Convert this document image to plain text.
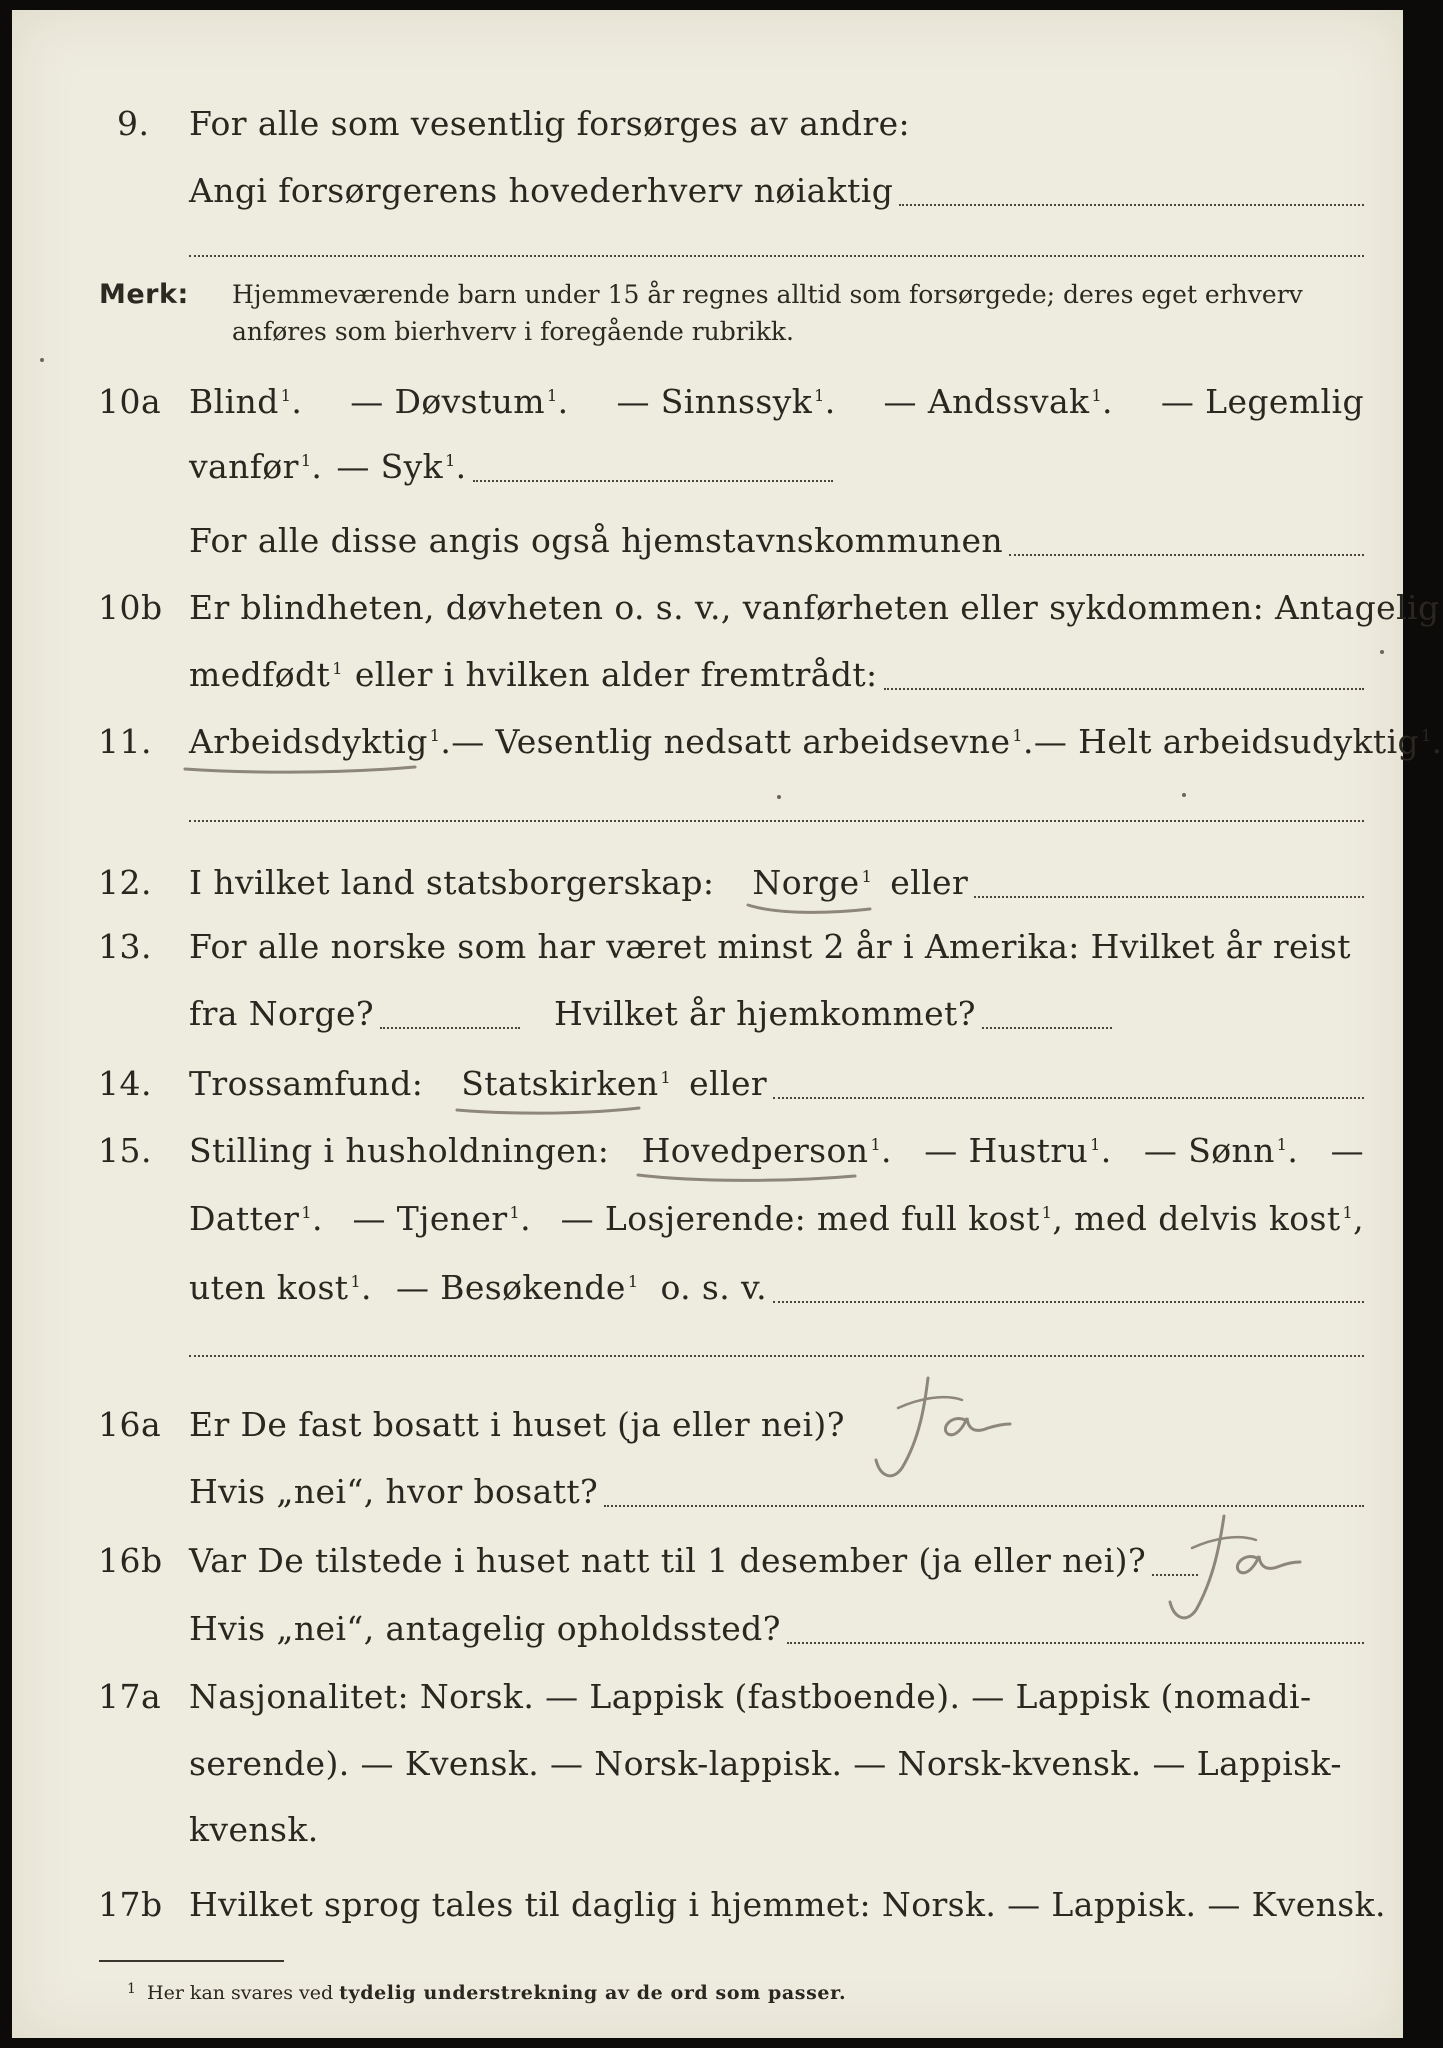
9. For alle som vesentlig forsørges av andre:
Angi forsørgerens hovederhverv nøiaktig
Merk: Hjemmeværende barn under 15 år regnes alltid som forsørgede; deres eget erhverv
anføres som bierhverv i foregående rubrikk.
10a Blind $^1$. — Døvstum $^1$. — Sinnssyk $^1$. — Andssvak $^1$. — Legemlig
vanfør $^1$. — Syk $^1$.
For alle disse angis også hjemstavnskommunen
10b Er blindheten, døvheten o. s. v., vanførheten eller sykdommen: Antagelig
medfødt $^1$ eller i hvilken alder fremtrådt:
11. Arbeidsdyktig $^1$. — Vesentlig nedsatt arbeidsevne $^1$. — Helt arbeidsudyktig $^1$.
12. I hvilket land statsborgerskap: Norge $^1$ eller
13. For alle norske som har været minst 2 år i Amerika: Hvilket år reist
fra Norge?	Hvilket år hjemkommet?
14. Trossamfund: Statskirken $^1$ eller
15. Stilling i husholdningen: Hovedperson $^1$. — Hustru $^1$. — Sønn $^1$. —
Datter $^1$. — Tjener $^1$. — Losjerende: med full kost $^1$, med delvis kost $^1$,
uten kost $^1$. — Besøkende $^1$ o. s. v.
16a Er De fast bosatt i huset (ja eller nei)?
Hvis „nei“, hvor bosatt?
16b Var De tilstede i huset natt til 1 desember (ja eller nei)?
Hvis „nei“, antagelig opholdssted?
17a Nasjonalitet: Norsk. — Lappisk (fastboende). — Lappisk (nomadi-
serende). — Kvensk. — Norsk-lappisk. — Norsk-kvensk. — Lappisk-
kvensk.
17b Hvilket sprog tales til daglig i hjemmet: Norsk. — Lappisk. — Kvensk.
1 Her kan svares ved tydelig understrekning av de ord som passer.
